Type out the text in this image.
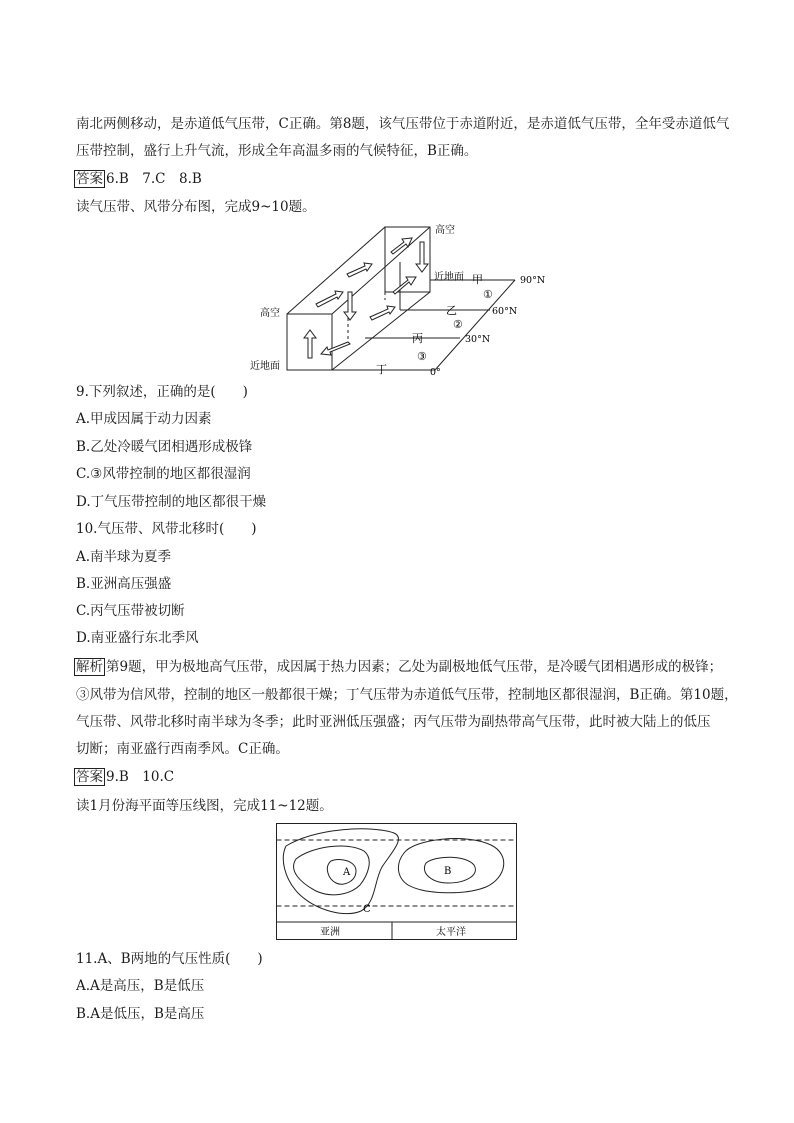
南北两侧移动，是赤道低气压带，C正确。第8题，该气压带位于赤道附近，是赤道低气压带，全年受赤道低气
压带控制，盛行上升气流，形成全年高温多雨的气候特征，B正确。
答案 6.B　7.C　8.B
读气压带、风带分布图，完成9~10题。
高空
近地面 甲	90°N
①
乙	60°N
②
丙	30°N
③
丁	0°
高空
近地面
9.下列叙述，正确的是(　　)
A.甲成因属于动力因素
B.乙处冷暖气团相遇形成极锋
C.③风带控制的地区都很湿润
D.丁气压带控制的地区都很干燥
10.气压带、风带北移时(　　)
A.南半球为夏季
B.亚洲高压强盛
C.丙气压带被切断
D.南亚盛行东北季风
解析 第9题，甲为极地高气压带，成因属于热力因素；乙处为副极地低气压带，是冷暖气团相遇形成的极锋；
③风带为信风带，控制的地区一般都很干燥；丁气压带为赤道低气压带，控制地区都很湿润，B正确。第10题，
气压带、风带北移时南半球为冬季；此时亚洲低压强盛；丙气压带为副热带高气压带，此时被大陆上的低压
切断；南亚盛行西南季风。C正确。
答案 9.B　10.C
读1月份海平面等压线图，完成11~12题。
A	B
C
亚洲	太平洋
11.A、B两地的气压性质(　　)
A.A是高压，B是低压
B.A是低压，B是高压
